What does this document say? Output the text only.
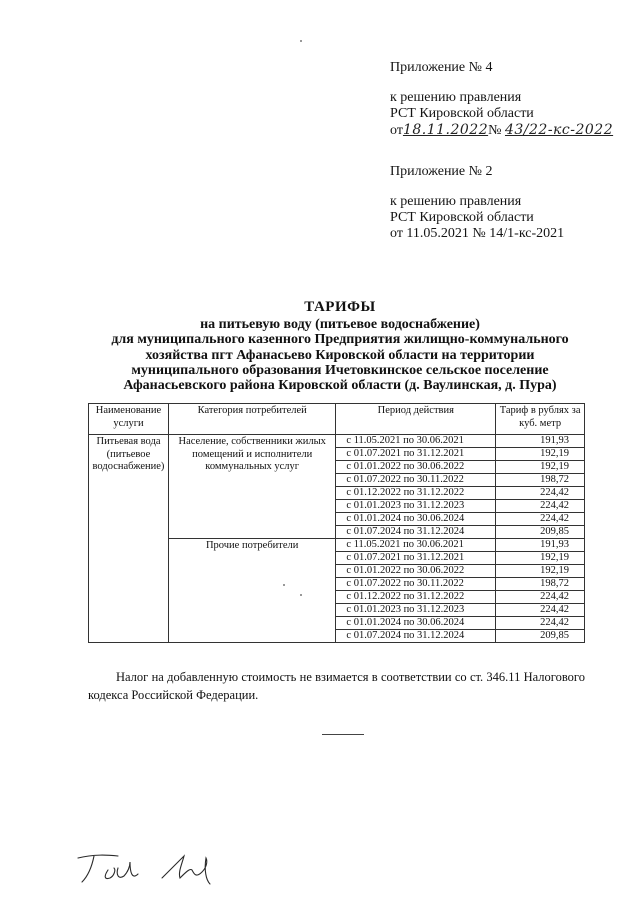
Приложение № 4
к решению правления
РСТ Кировской области
от18.11.2022№ 43/22-кс-2022
Приложение № 2
к решению правления
РСТ Кировской области
от 11.05.2021 № 14/1-кс-2021
ТАРИФЫ
на питьевую воду (питьевое водоснабжение)
для муниципального казенного Предприятия жилищно-коммунального
хозяйства пгт Афанасьево Кировской области на территории
муниципального образования Ичетовкинское сельское поселение
Афанасьевского района Кировской области (д. Ваулинская, д. Пура)
Наименование услуги	Категория потребителей	Период действия	Тариф в рублях за куб. метр
Питьевая вода (питьевое водоснабжение)	Население, собственники жилых помещений и исполнители коммунальных услуг	с 11.05.2021 по 30.06.2021	191,93
		с 01.07.2021 по 31.12.2021	192,19
		с 01.01.2022 по 30.06.2022	192,19
		с 01.07.2022 по 30.11.2022	198,72
		с 01.12.2022 по 31.12.2022	224,42
		с 01.01.2023 по 31.12.2023	224,42
		с 01.01.2024 по 30.06.2024	224,42
		с 01.07.2024 по 31.12.2024	209,85
	Прочие потребители	с 11.05.2021 по 30.06.2021	191,93
		с 01.07.2021 по 31.12.2021	192,19
		с 01.01.2022 по 30.06.2022	192,19
		с 01.07.2022 по 30.11.2022	198,72
		с 01.12.2022 по 31.12.2022	224,42
		с 01.01.2023 по 31.12.2023	224,42
		с 01.01.2024 по 30.06.2024	224,42
		с 01.07.2024 по 31.12.2024	209,85
Налог на добавленную стоимость не взимается в соответствии со ст. 346.11 Налогового кодекса Российской Федерации.
